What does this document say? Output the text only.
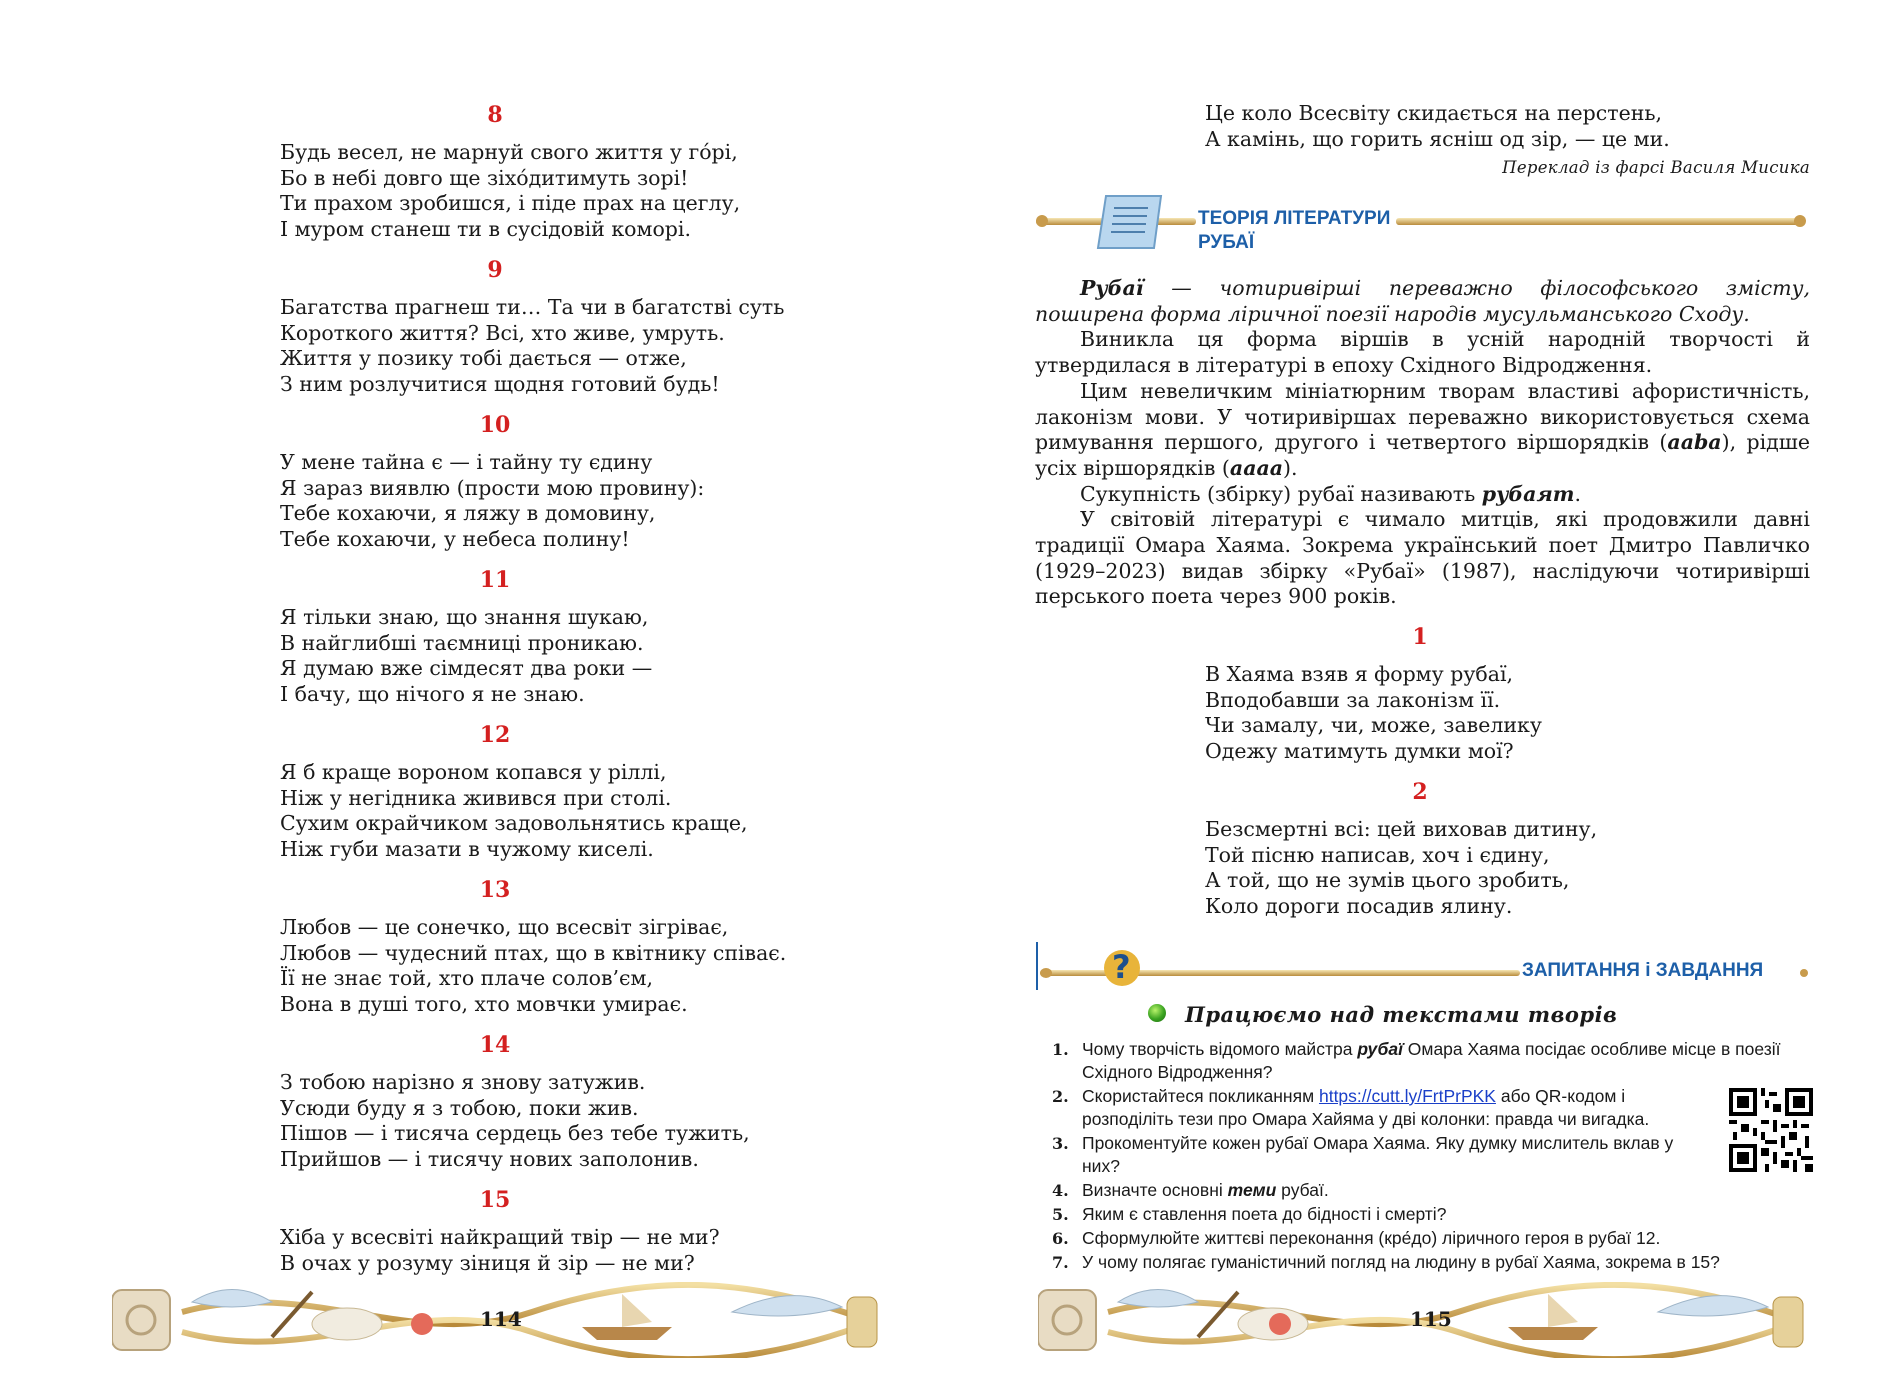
8
Будь весел, не марнуй свого життя у го́рі,
Бо в небі довго ще зіхо́дитимуть зорі!
Ти прахом зробишся, і піде прах на цеглу,
І муром станеш ти в сусідовій коморі.
9
Багатства прагнеш ти… Та чи в багатстві суть
Короткого життя? Всі, хто живе, умруть.
Життя у позику тобі дається — отже,
З ним розлучитися щодня готовий будь!
10
У мене тайна є — і тайну ту єдину
Я зараз виявлю (прости мою провину):
Тебе кохаючи, я ляжу в домовину,
Тебе кохаючи, у небеса полину!
11
Я тільки знаю, що знання шукаю,
В найглибші таємниці проникаю.
Я думаю вже сімдесят два роки —
І бачу, що нічого я не знаю.
12
Я б краще вороном копався у ріллі,
Ніж у негідника живився при столі.
Сухим окрайчиком задовольнятись краще,
Ніж губи мазати в чужому киселі.
13
Любов — це сонечко, що всесвіт зігріває,
Любов — чудесний птах, що в квітнику співає.
Її не знає той, хто плаче солов’єм,
Вона в душі того, хто мовчки умирає.
14
З тобою нарізно я знову затужив.
Усюди буду я з тобою, поки жив.
Пішов — і тисяча сердець без тебе тужить,
Прийшов — і тисячу нових заполонив.
15
Хіба у всесвіті найкращий твір — не ми?
В очах у розуму зіниця й зір — не ми?
114
Це коло Всесвіту скидається на перстень,
А камінь, що горить ясніш од зір, — це ми.
Переклад із фарсі Василя Мисика
ТЕОРІЯ ЛІТЕРАТУРИ
РУБАЇ

Рубаї — чотиривірші переважно філософського змісту, поширена форма ліричної поезії народів мусульманського Сходу.

Виникла ця форма віршів в усній народній творчості й утвердилася в літературі в епоху Східного Відродження.

Цим невеличким мініатюрним творам властиві афористичність, лаконізм мови. У чотиривіршах переважно використовується схема римування першого, другого і четвертого віршорядків (aaba), рідше усіх віршорядків (aaaa).

Сукупність (збірку) рубаї називають рубаят.

У світовій літературі є чимало митців, які продовжили давні традиції Омара Хаяма. Зокрема український поет Дмитро Павличко (1929–2023) видав збірку «Рубаї» (1987), наслідуючи чотиривірші перського поета через 900 років.

1
В Хаяма взяв я форму рубаї,
Вподобавши за лаконізм її.
Чи замалу, чи, може, завелику
Одежу матимуть думки мої?
2
Безсмертні всі: цей виховав дитину,
Той пісню написав, хоч і єдину,
А той, що не зумів цього зробить,
Коло дороги посадив ялину.
?	ЗАПИТАННЯ і ЗАВДАННЯ
Працюємо над текстами творів
1. Чому творчість відомого майстра рубаї Омара Хаяма посідає особливе місце в поезії Східного Відродження?
2. Скористайтеся покликанням https://cutt.ly/FrtPrPKK або QR-кодом і розподіліть тези про Омара Хайяма у дві колонки: правда чи вигадка.
3. Прокоментуйте кожен рубаї Омара Хаяма. Яку думку мислитель вклав у них?
4. Визначте основні теми рубаї.
5. Яким є ставлення поета до бідності і смерті?
6. Сформулюйте життєві переконання (кре́до) ліричного героя в рубаї 12.
7. У чому полягає гуманістичний погляд на людину в рубаї Хаяма, зокрема в 15?
115
